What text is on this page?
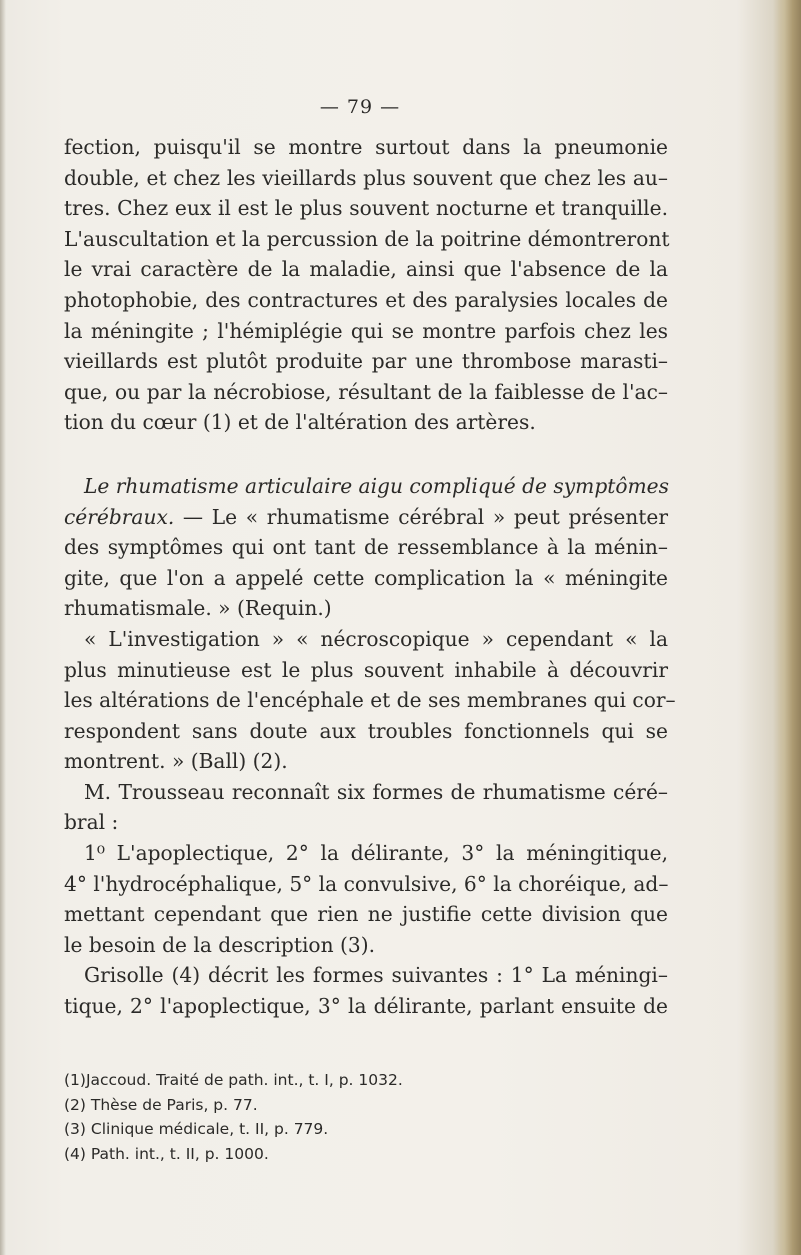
— 79 —
fection, puisqu'il se montre surtout dans la pneumonie
double, et chez les vieillards plus souvent que chez les au–
tres. Chez eux il est le plus souvent nocturne et tranquille.
L'auscultation et la percussion de la poitrine démontreront
le vrai caractère de la maladie, ainsi que l'absence de la
photophobie, des contractures et des paralysies locales de
la méningite ; l'hémiplégie qui se montre parfois chez les
vieillards est plutôt produite par une thrombose marasti–
que, ou par la nécrobiose, résultant de la faiblesse de l'ac–
tion du cœur (1) et de l'altération des artères.
Le rhumatisme articulaire aigu compliqué de symptômes
cérébraux. — Le « rhumatisme cérébral » peut présenter
des symptômes qui ont tant de ressemblance à la ménin–
gite, que l'on a appelé cette complication la « méningite
rhumatismale. » (Requin.)
« L'investigation » « nécroscopique » cependant « la
plus minutieuse est le plus souvent inhabile à découvrir
les altérations de l'encéphale et de ses membranes qui cor–
respondent sans doute aux troubles fonctionnels qui se
montrent. » (Ball) (2).
M. Trousseau reconnaît six formes de rhumatisme céré–
bral :
1⁰ L'apoplectique, 2° la délirante, 3° la méningitique,
4° l'hydrocéphalique, 5° la convulsive, 6° la choréique, ad–
mettant cependant que rien ne justifie cette division que
le besoin de la description (3).
Grisolle (4) décrit les formes suivantes : 1° La méningi–
tique, 2° l'apoplectique, 3° la délirante, parlant ensuite de
(1)Jaccoud. Traité de path. int., t. I, p. 1032.
(2) Thèse de Paris, p. 77.
(3) Clinique médicale, t. II, p. 779.
(4) Path. int., t. II, p. 1000.
